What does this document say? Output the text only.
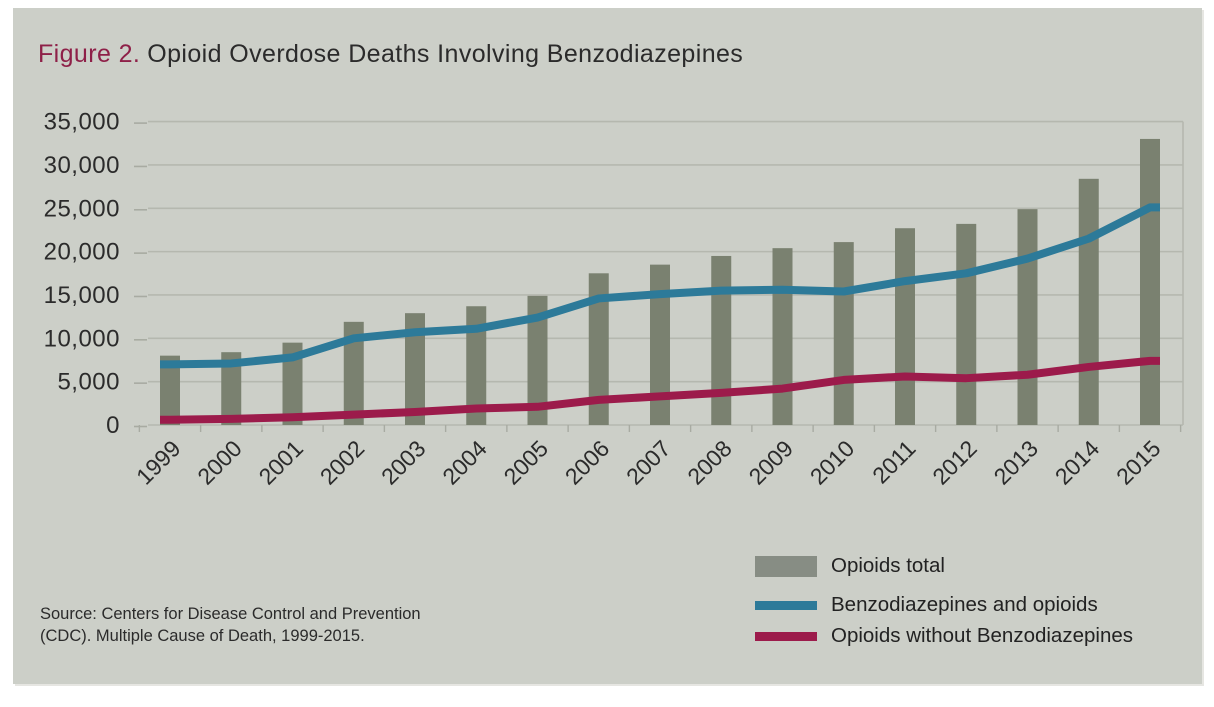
Figure 2. Opioid Overdose Deaths Involving Benzodiazepines
0
5,000
10,000
15,000
20,000
25,000
30,000
35,000
1999 2000 2001 2002 2003 2004 2005 2006 2007 2008 2009 2010 2011 2012 2013 2014 2015
Opioids total
Benzodiazepines and opioids
Opioids without Benzodiazepines
Source: Centers for Disease Control and Prevention
(CDC). Multiple Cause of Death, 1999-2015.
